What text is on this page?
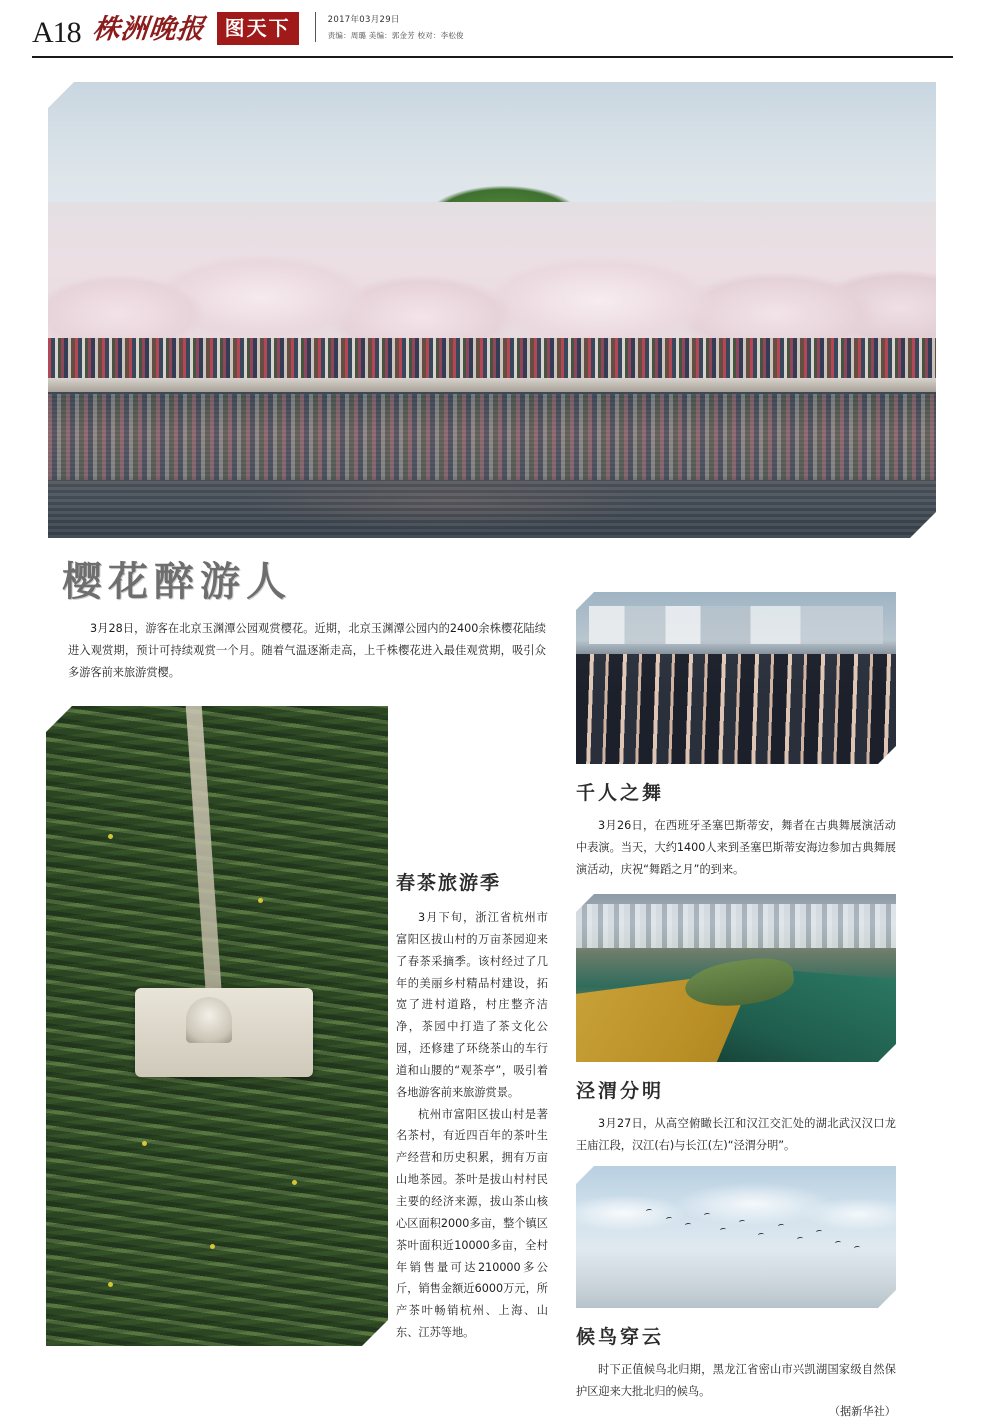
A18 株洲晚报 图天下	2017年03月29日
责编：周璐 美编：郭金芳 校对：李松俊
樱花醉游人
3月28日，游客在北京玉渊潭公园观赏樱花。近期，北京玉渊潭公园内的2400余株樱花陆续进入观赏期，预计可持续观赏一个月。随着气温逐渐走高，上千株樱花进入最佳观赏期，吸引众多游客前来旅游赏樱。
春茶旅游季

3月下旬，浙江省杭州市富阳区拔山村的万亩茶园迎来了春茶采摘季。该村经过了几年的美丽乡村精品村建设，拓宽了进村道路，村庄整齐洁净，茶园中打造了茶文化公园，还修建了环绕茶山的车行道和山腰的“观茶亭”，吸引着各地游客前来旅游赏景。

杭州市富阳区拔山村是著名茶村，有近四百年的茶叶生产经营和历史积累，拥有万亩山地茶园。茶叶是拔山村村民主要的经济来源，拔山茶山核心区面积2000多亩，整个镇区茶叶面积近10000多亩，全村年销售量可达210000多公斤，销售金额近6000万元，所产茶叶畅销杭州、上海、山东、江苏等地。

千人之舞
3月26日，在西班牙圣塞巴斯蒂安，舞者在古典舞展演活动中表演。当天，大约1400人来到圣塞巴斯蒂安海边参加古典舞展演活动，庆祝“舞蹈之月”的到来。
泾渭分明
3月27日，从高空俯瞰长江和汉江交汇处的湖北武汉汉口龙王庙江段，汉江(右)与长江(左)“泾渭分明”。
候鸟穿云
时下正值候鸟北归期，黑龙江省密山市兴凯湖国家级自然保护区迎来大批北归的候鸟。
（据新华社）
